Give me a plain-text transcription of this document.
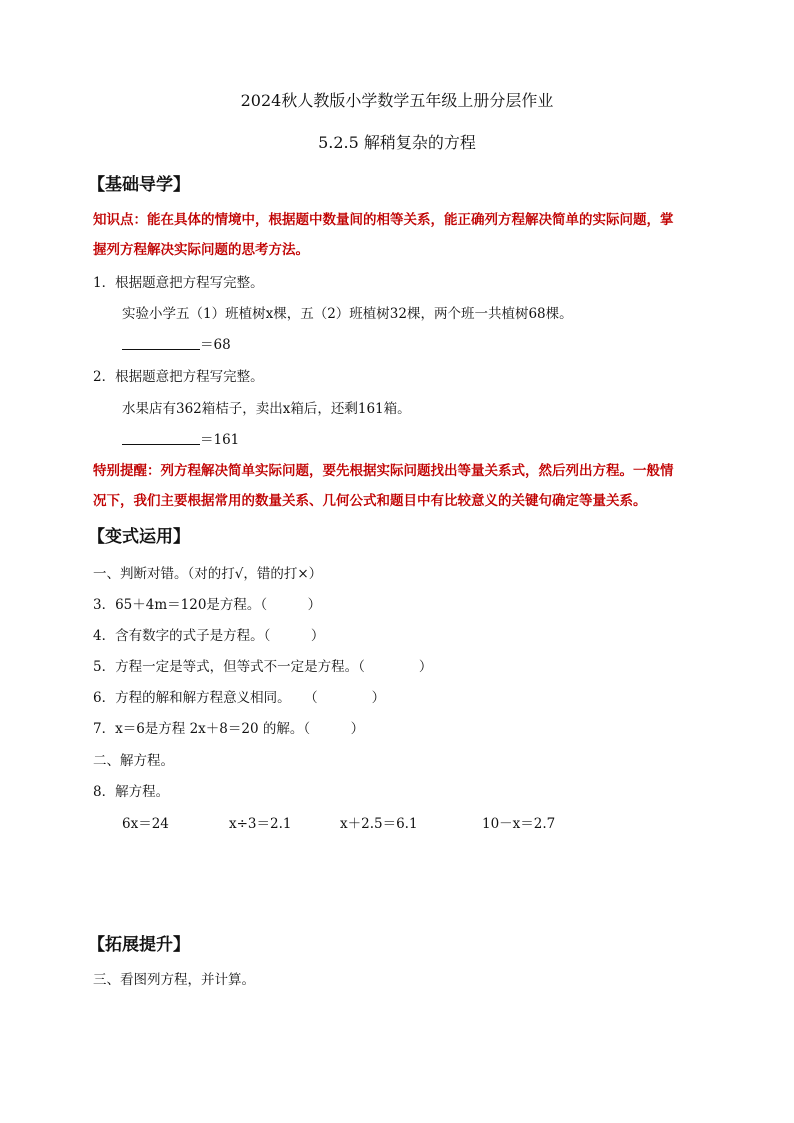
2024秋人教版小学数学五年级上册分层作业
5.2.5 解稍复杂的方程
【基础导学】
知识点：能在具体的情境中，根据题中数量间的相等关系，能正确列方程解决简单的实际问题，掌
握列方程解决实际问题的思考方法。
1．根据题意把方程写完整。
实验小学五（1）班植树x棵，五（2）班植树32棵，两个班一共植树68棵。
＝68
2．根据题意把方程写完整。
水果店有362箱桔子，卖出x箱后，还剩161箱。
＝161
特别提醒：列方程解决简单实际问题，要先根据实际问题找出等量关系式，然后列出方程。一般情
况下，我们主要根据常用的数量关系、几何公式和题目中有比较意义的关键句确定等量关系。
【变式运用】
一、判断对错。（对的打√，错的打×）
3．65＋4m＝120是方程。（　　　）
4．含有数字的式子是方程。（　　　）
5．方程一定是等式，但等式不一定是方程。（　　　　）
6．方程的解和解方程意义相同。　　（　　　　）
7．x＝6是方程 2x＋8＝20 的解。（　　　）
二、解方程。
8．解方程。
6x＝24	x÷3＝2.1	x＋2.5＝6.1	10－x＝2.7
【拓展提升】
三、看图列方程，并计算。
